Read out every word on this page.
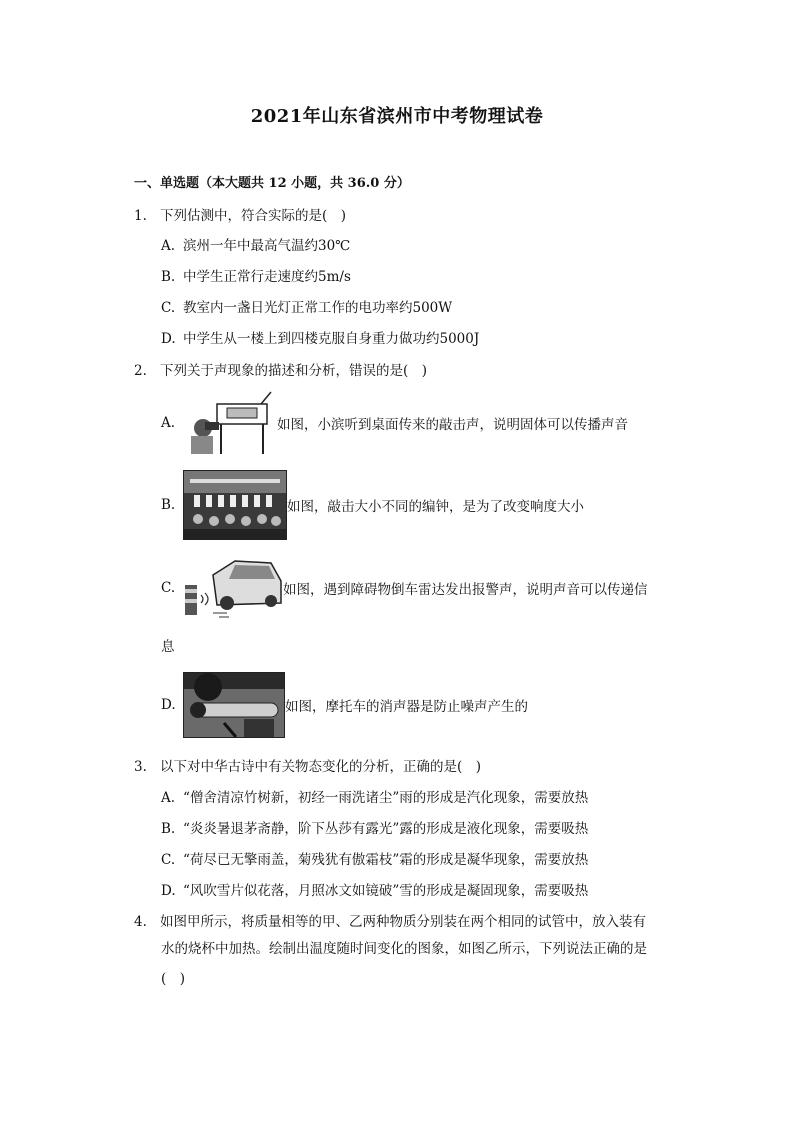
2021年山东省滨州市中考物理试卷
一、单选题（本大题共 12 小题，共 36.0 分）
1. 下列估测中，符合实际的是(　)
A. 滨州一年中最高气温约30℃
B. 中学生正常行走速度约5m/s
C. 教室内一盏日光灯正常工作的电功率约500W
D. 中学生从一楼上到四楼克服自身重力做功约5000J
2. 下列关于声现象的描述和分析，错误的是(　)
A.	如图，小滨听到桌面传来的敲击声，说明固体可以传播声音
B.	如图，敲击大小不同的编钟，是为了改变响度大小
C.	如图，遇到障碍物倒车雷达发出报警声，说明声音可以传递信
息
D.	如图，摩托车的消声器是防止噪声产生的
3. 以下对中华古诗中有关物态变化的分析，正确的是(　)
A. “僧舍清凉竹树新，初经一雨洗诸尘”雨的形成是汽化现象，需要放热
B. “炎炎暑退茅斋静，阶下丛莎有露光”露的形成是液化现象，需要吸热
C. “荷尽已无擎雨盖，菊残犹有傲霜枝”霜的形成是凝华现象，需要放热
D. “风吹雪片似花落，月照冰文如镜破”雪的形成是凝固现象，需要吸热
4. 如图甲所示，将质量相等的甲、乙两种物质分别装在两个相同的试管中，放入装有
水的烧杯中加热。绘制出温度随时间变化的图象，如图乙所示，下列说法正确的是
(　)
